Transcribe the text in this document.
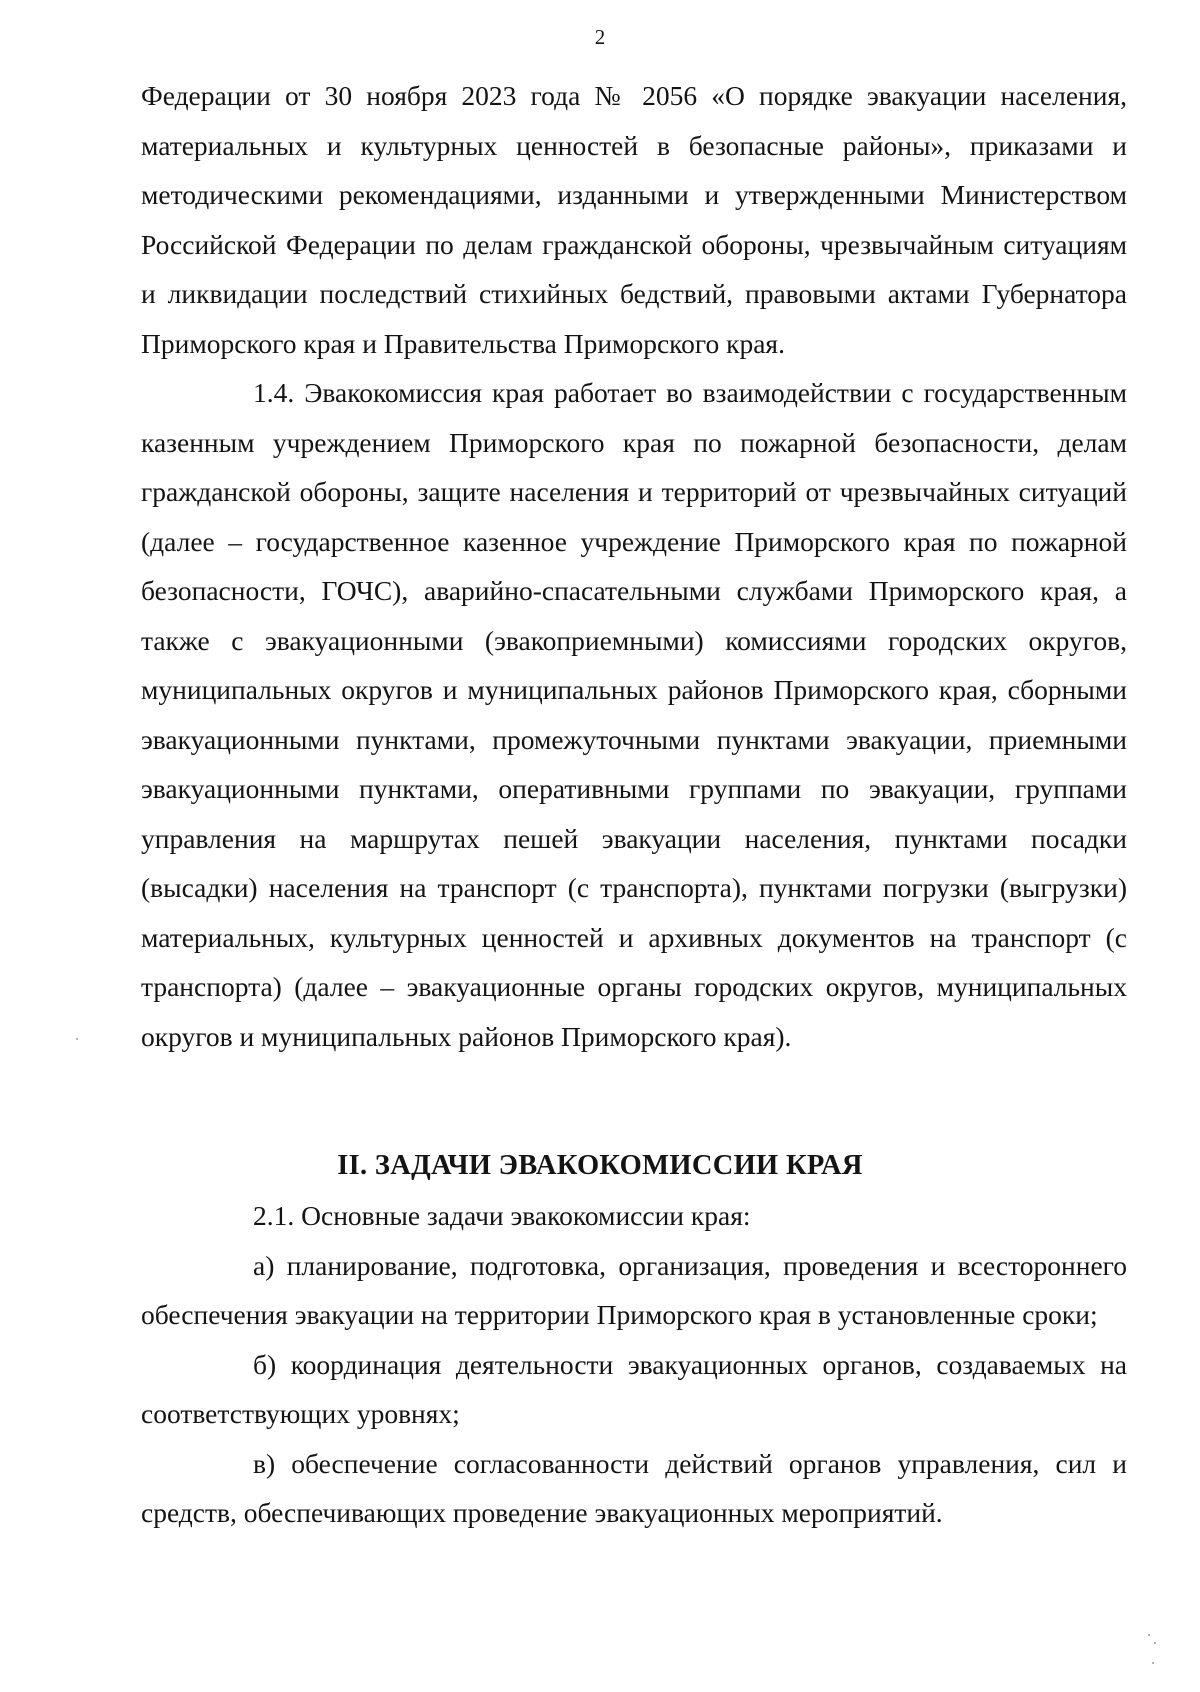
2

Федерации от 30 ноября 2023 года № 2056 «О порядке эвакуации населения, материальных и культурных ценностей в безопасные районы», приказами и методическими рекомендациями, изданными и утвержденными Министерством Российской Федерации по делам гражданской обороны, чрезвычайным ситуациям и ликвидации последствий стихийных бедствий, правовыми актами Губернатора Приморского края и Правительства Приморского края.

1.4. Эвакокомиссия края работает во взаимодействии с государственным казенным учреждением Приморского края по пожарной безопасности, делам гражданской обороны, защите населения и территорий от чрезвычайных ситуаций (далее – государственное казенное учреждение Приморского края по пожарной безопасности, ГОЧС), аварийно-спасательными службами Приморского края, а также с эвакуационными (эвакоприемными) комиссиями городских округов, муниципальных округов и муниципальных районов Приморского края, сборными эвакуационными пунктами, промежуточными пунктами эвакуации, приемными эвакуационными пунктами, оперативными группами по эвакуации, группами управления на маршрутах пешей эвакуации населения, пунктами посадки (высадки) населения на транспорт (с транспорта), пунктами погрузки (выгрузки) материальных, культурных ценностей и архивных документов на транспорт (с транспорта) (далее – эвакуационные органы городских округов, муниципальных округов и муниципальных районов Приморского края).

II. ЗАДАЧИ ЭВАКОКОМИССИИ КРАЯ

2.1. Основные задачи эвакокомиссии края:

а) планирование, подготовка, организация, проведения и всестороннего обеспечения эвакуации на территории Приморского края в установленные сроки;

б) координация деятельности эвакуационных органов, создаваемых на соответствующих уровнях;

в) обеспечение согласованности действий органов управления, сил и средств, обеспечивающих проведение эвакуационных мероприятий.
